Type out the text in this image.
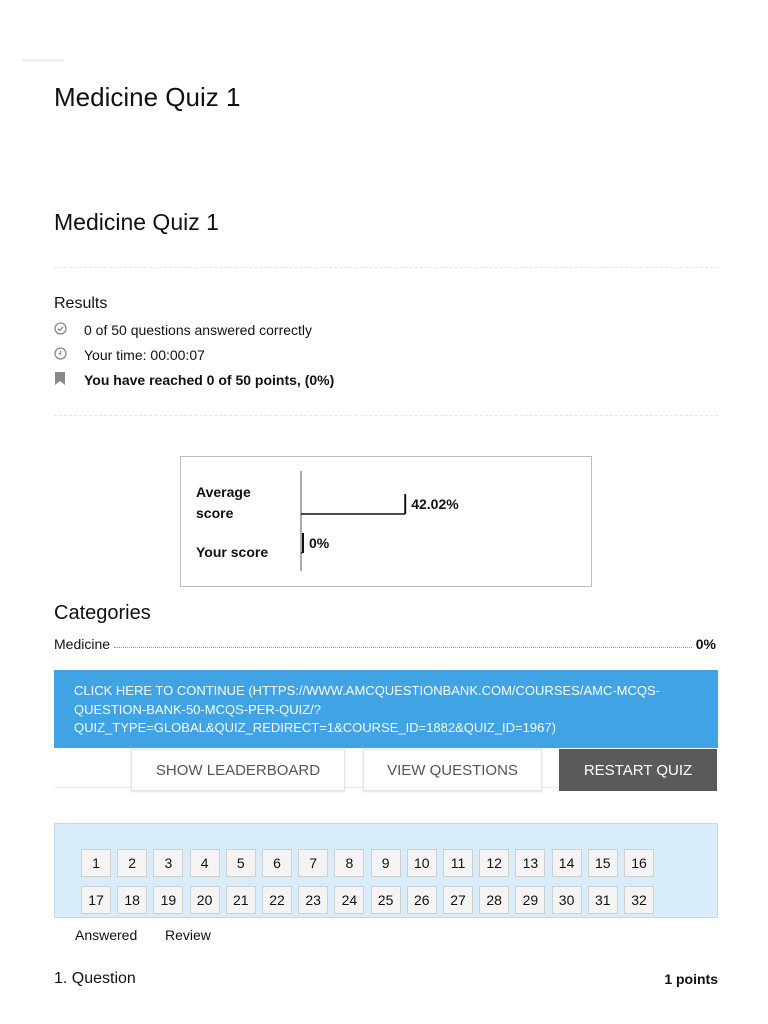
Medicine Quiz 1
Medicine Quiz 1
Results
0 of 50 questions answered correctly
Your time: 00:00:07
You have reached 0 of 50 points, (0%)
Average
score
42.02%
Your score
0%
Categories
Medicine	0%
CLICK HERE TO CONTINUE (HTTPS://WWW.AMCQUESTIONBANK.COM/COURSES/AMC-MCQS-
QUESTION-BANK-50-MCQS-PER-QUIZ/?
QUIZ_TYPE=GLOBAL&QUIZ_REDIRECT=1&COURSE_ID=1882&QUIZ_ID=1967)
SHOW LEADERBOARD	VIEW QUESTIONS	RESTART QUIZ
1	2	3	4	5	6	7	8	9	10	11	12	13	14	15	16
17	18	19	20	21	22	23	24	25	26	27	28	29	30	31	32
Answered Review
1. Question	1 points
